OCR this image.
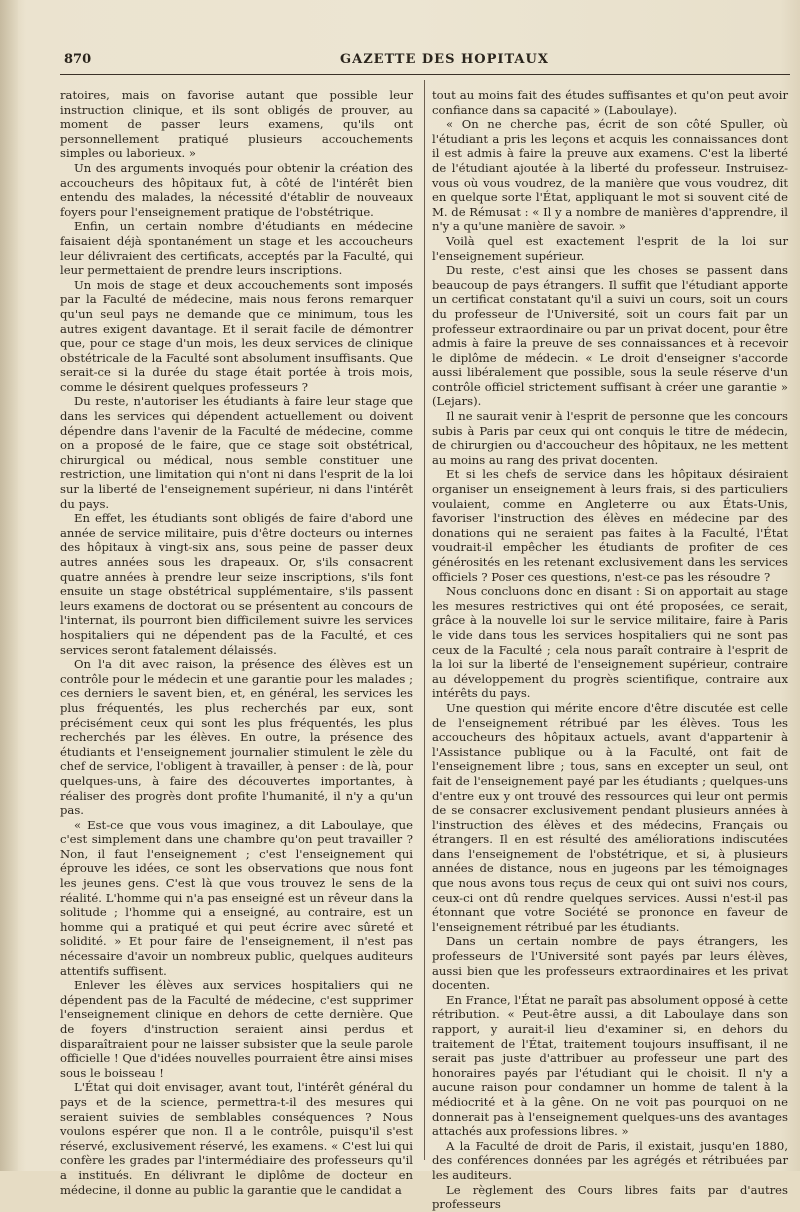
870	GAZETTE DES HOPITAUX

ratoires, mais on favorise autant que possible leur instruction clinique, et ils sont obligés de prouver, au moment de passer leurs examens, qu'ils ont personnellement pratiqué plusieurs accouchements simples ou laborieux. »

Un des arguments invoqués pour obtenir la création des accoucheurs des hôpitaux fut, à côté de l'intérêt bien entendu des malades, la nécessité d'établir de nouveaux foyers pour l'enseignement pratique de l'obstétrique.

Enfin, un certain nombre d'étudiants en médecine faisaient déjà spontanément un stage et les accoucheurs leur délivraient des certificats, acceptés par la Faculté, qui leur permettaient de prendre leurs inscriptions.

Un mois de stage et deux accouchements sont imposés par la Faculté de médecine, mais nous ferons remarquer qu'un seul pays ne demande que ce minimum, tous les autres exigent davantage. Et il serait facile de démontrer que, pour ce stage d'un mois, les deux services de clinique obstétricale de la Faculté sont absolument insuffisants. Que serait-ce si la durée du stage était portée à trois mois, comme le désirent quelques professeurs ?

Du reste, n'autoriser les étudiants à faire leur stage que dans les services qui dépendent actuellement ou doivent dépendre dans l'avenir de la Faculté de médecine, comme on a proposé de le faire, que ce stage soit obstétrical, chirurgical ou médical, nous semble constituer une restriction, une limitation qui n'ont ni dans l'esprit de la loi sur la liberté de l'enseignement supérieur, ni dans l'intérêt du pays.

En effet, les étudiants sont obligés de faire d'abord une année de service militaire, puis d'être docteurs ou internes des hôpitaux à vingt-six ans, sous peine de passer deux autres années sous les drapeaux. Or, s'ils consacrent quatre années à prendre leur seize inscriptions, s'ils font ensuite un stage obstétrical supplémentaire, s'ils passent leurs examens de doctorat ou se présentent au concours de l'internat, ils pourront bien difficilement suivre les services hospitaliers qui ne dépendent pas de la Faculté, et ces services seront fatalement délaissés.

On l'a dit avec raison, la présence des élèves est un contrôle pour le médecin et une garantie pour les malades ; ces derniers le savent bien, et, en général, les services les plus fréquentés, les plus recherchés par eux, sont précisément ceux qui sont les plus fréquentés, les plus recherchés par les élèves. En outre, la présence des étudiants et l'enseignement journalier stimulent le zèle du chef de service, l'obligent à travailler, à penser : de là, pour quelques-uns, à faire des découvertes importantes, à réaliser des progrès dont profite l'humanité, il n'y a qu'un pas.

« Est-ce que vous vous imaginez, a dit Laboulaye, que c'est simplement dans une chambre qu'on peut travailler ? Non, il faut l'enseignement ; c'est l'enseignement qui éprouve les idées, ce sont les observations que nous font les jeunes gens. C'est là que vous trouvez le sens de la réalité. L'homme qui n'a pas enseigné est un rêveur dans la solitude ; l'homme qui a enseigné, au contraire, est un homme qui a pratiqué et qui peut écrire avec sûreté et solidité. » Et pour faire de l'enseignement, il n'est pas nécessaire d'avoir un nombreux public, quelques auditeurs attentifs suffisent.

Enlever les élèves aux services hospitaliers qui ne dépendent pas de la Faculté de médecine, c'est supprimer l'enseignement clinique en dehors de cette dernière. Que de foyers d'instruction seraient ainsi perdus et disparaîtraient pour ne laisser subsister que la seule parole officielle ! Que d'idées nouvelles pourraient être ainsi mises sous le boisseau !

L'État qui doit envisager, avant tout, l'intérêt général du pays et de la science, permettra-t-il des mesures qui seraient suivies de semblables conséquences ? Nous voulons espérer que non. Il a le contrôle, puisqu'il s'est réservé, exclusivement réservé, les examens. « C'est lui qui confère les grades par l'intermédiaire des professeurs qu'il a institués. En délivrant le diplôme de docteur en médecine, il donne au public la garantie que le candidat a

tout au moins fait des études suffisantes et qu'on peut avoir confiance dans sa capacité » (Laboulaye).

« On ne cherche pas, écrit de son côté Spuller, où l'étudiant a pris les leçons et acquis les connaissances dont il est admis à faire la preuve aux examens. C'est la liberté de l'étudiant ajoutée à la liberté du professeur. Instruisez-vous où vous voudrez, de la manière que vous voudrez, dit en quelque sorte l'État, appliquant le mot si souvent cité de M. de Rémusat : « Il y a nombre de manières d'apprendre, il n'y a qu'une manière de savoir. »

Voilà quel est exactement l'esprit de la loi sur l'enseignement supérieur.

Du reste, c'est ainsi que les choses se passent dans beaucoup de pays étrangers. Il suffit que l'étudiant apporte un certificat constatant qu'il a suivi un cours, soit un cours du professeur de l'Université, soit un cours fait par un professeur extraordinaire ou par un privat docent, pour être admis à faire la preuve de ses connaissances et à recevoir le diplôme de médecin. « Le droit d'enseigner s'accorde aussi libéralement que possible, sous la seule réserve d'un contrôle officiel strictement suffisant à créer une garantie » (Lejars).

Il ne saurait venir à l'esprit de personne que les concours subis à Paris par ceux qui ont conquis le titre de médecin, de chirurgien ou d'accoucheur des hôpitaux, ne les mettent au moins au rang des privat docenten.

Et si les chefs de service dans les hôpitaux désiraient organiser un enseignement à leurs frais, si des particuliers voulaient, comme en Angleterre ou aux États-Unis, favoriser l'instruction des élèves en médecine par des donations qui ne seraient pas faites à la Faculté, l'État voudrait-il empêcher les étudiants de profiter de ces générosités en les retenant exclusivement dans les services officiels ? Poser ces questions, n'est-ce pas les résoudre ?

Nous concluons donc en disant : Si on apportait au stage les mesures restrictives qui ont été proposées, ce serait, grâce à la nouvelle loi sur le service militaire, faire à Paris le vide dans tous les services hospitaliers qui ne sont pas ceux de la Faculté ; cela nous paraît contraire à l'esprit de la loi sur la liberté de l'enseignement supérieur, contraire au développement du progrès scientifique, contraire aux intérêts du pays.

Une question qui mérite encore d'être discutée est celle de l'enseignement rétribué par les élèves. Tous les accoucheurs des hôpitaux actuels, avant d'appartenir à l'Assistance publique ou à la Faculté, ont fait de l'enseignement libre ; tous, sans en excepter un seul, ont fait de l'enseignement payé par les étudiants ; quelques-uns d'entre eux y ont trouvé des ressources qui leur ont permis de se consacrer exclusivement pendant plusieurs années à l'instruction des élèves et des médecins, Français ou étrangers. Il en est résulté des améliorations indiscutées dans l'enseignement de l'obstétrique, et si, à plusieurs années de distance, nous en jugeons par les témoignages que nous avons tous reçus de ceux qui ont suivi nos cours, ceux-ci ont dû rendre quelques services. Aussi n'est-il pas étonnant que votre Société se prononce en faveur de l'enseignement rétribué par les étudiants.

Dans un certain nombre de pays étrangers, les professeurs de l'Université sont payés par leurs élèves, aussi bien que les professeurs extraordinaires et les privat docenten.

En France, l'État ne paraît pas absolument opposé à cette rétribution. « Peut-être aussi, a dit Laboulaye dans son rapport, y aurait-il lieu d'examiner si, en dehors du traitement de l'État, traitement toujours insuffisant, il ne serait pas juste d'attribuer au professeur une part des honoraires payés par l'étudiant qui le choisit. Il n'y a aucune raison pour condamner un homme de talent à la médiocrité et à la gêne. On ne voit pas pourquoi on ne donnerait pas à l'enseignement quelques-uns des avantages attachés aux professions libres. »

A la Faculté de droit de Paris, il existait, jusqu'en 1880, des conférences données par les agrégés et rétribuées par les auditeurs.

Le règlement des Cours libres faits par d'autres professeurs
